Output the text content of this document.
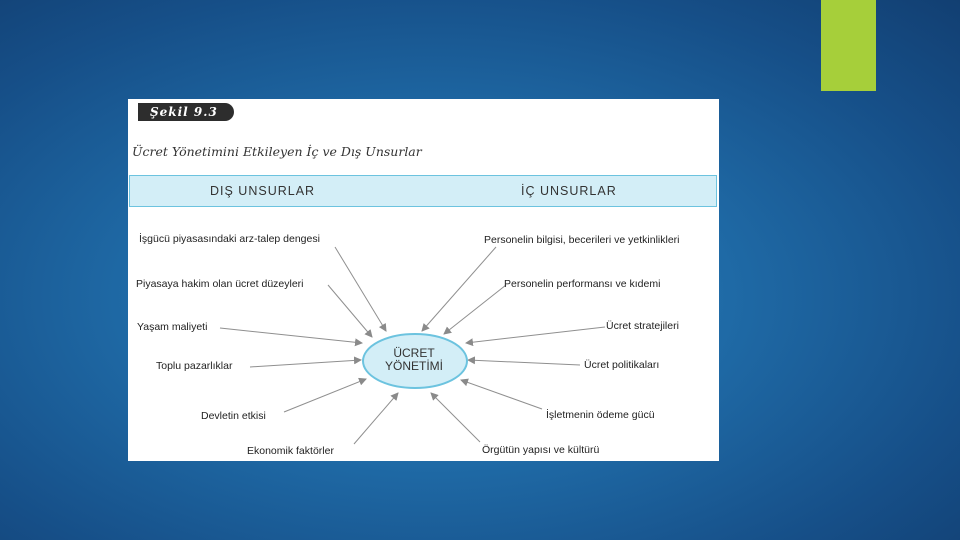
Şekil 9.3
Ücret Yönetimini Etkileyen İç ve Dış Unsurlar
DIŞ UNSURLAR	İÇ UNSURLAR
ÜCRET
YÖNETİMİ
İşgücü piyasasındaki arz-talep dengesi
Piyasaya hakim olan ücret düzeyleri
Yaşam maliyeti
Toplu pazarlıklar
Devletin etkisi
Ekonomik faktörler
Personelin bilgisi, becerileri ve yetkinlikleri
Personelin performansı ve kıdemi
Ücret stratejileri
Ücret politikaları
İşletmenin ödeme gücü
Örgütün yapısı ve kültürü
